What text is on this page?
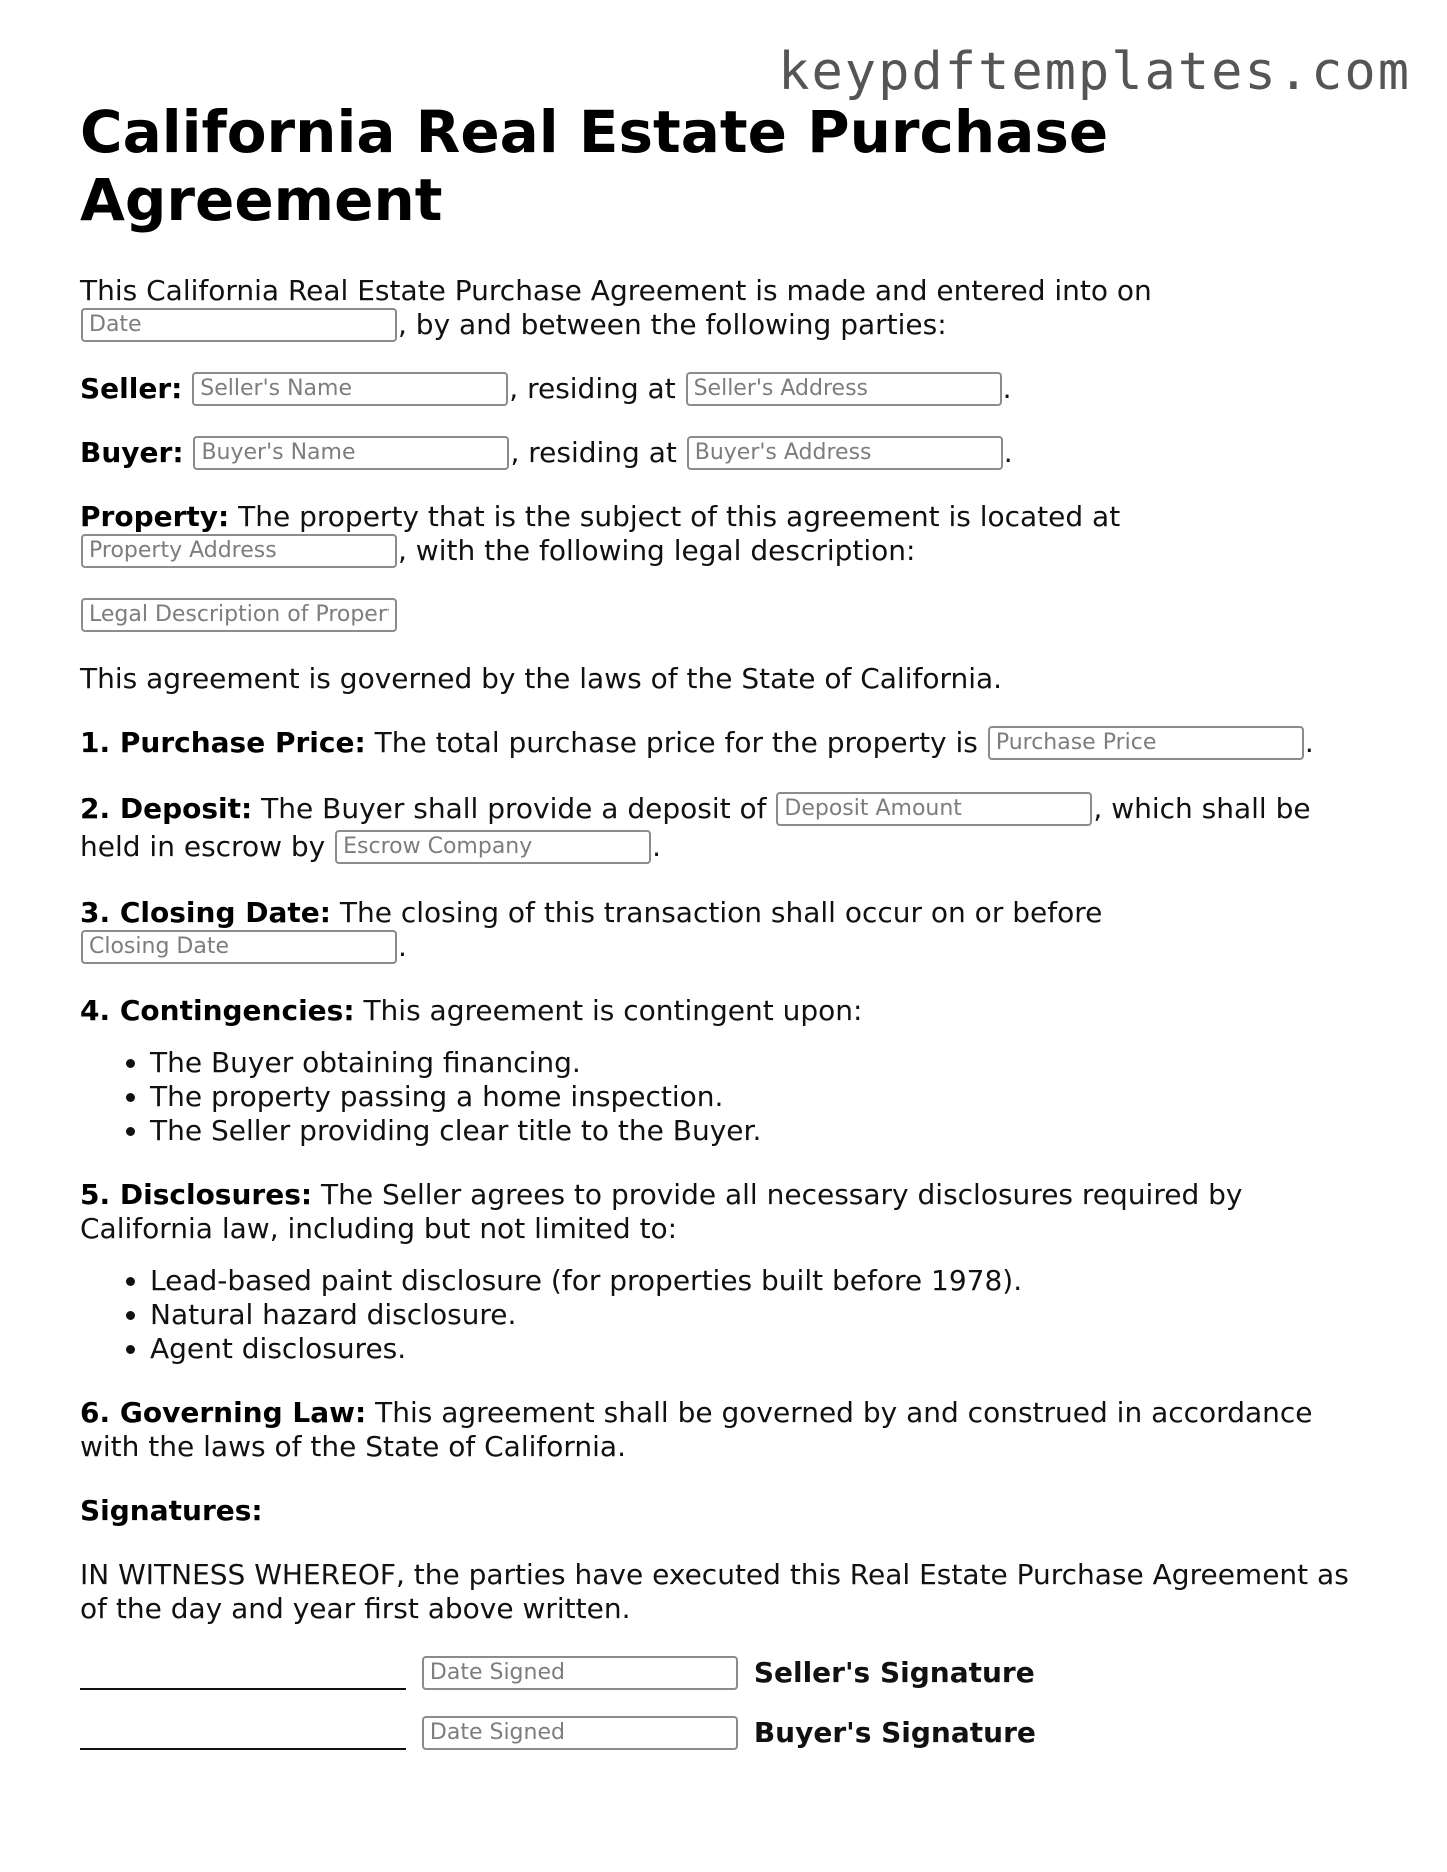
keypdftemplates.com
California Real Estate Purchase Agreement

This California Real Estate Purchase Agreement is made and entered into on
Date, by and between the following parties:

Seller: Seller's Name	, residing at Seller's Address	.

Buyer: Buyer's Name	, residing at Buyer's Address	.

Property: The property that is the subject of this agreement is located at
Property Address, with the following legal description:

Legal Description of Property

This agreement is governed by the laws of the State of California.

1. Purchase Price: The total purchase price for the property is Purchase Price	.

2. Deposit: The Buyer shall provide a deposit of Deposit Amount	, which shall be held in escrow by Escrow Company	.

3. Closing Date: The closing of this transaction shall occur on or before
Closing Date.

4. Contingencies: This agreement is contingent upon:

• The Buyer obtaining financing.
• The property passing a home inspection.
• The Seller providing clear title to the Buyer.

5. Disclosures: The Seller agrees to provide all necessary disclosures required by California law, including but not limited to:

• Lead-based paint disclosure (for properties built before 1978).
• Natural hazard disclosure.
• Agent disclosures.

6. Governing Law: This agreement shall be governed by and construed in accordance with the laws of the State of California.

Signatures:

IN WITNESS WHEREOF, the parties have executed this Real Estate Purchase Agreement as of the day and year first above written.

Date Signed Seller's Signature
Date Signed Buyer's Signature
